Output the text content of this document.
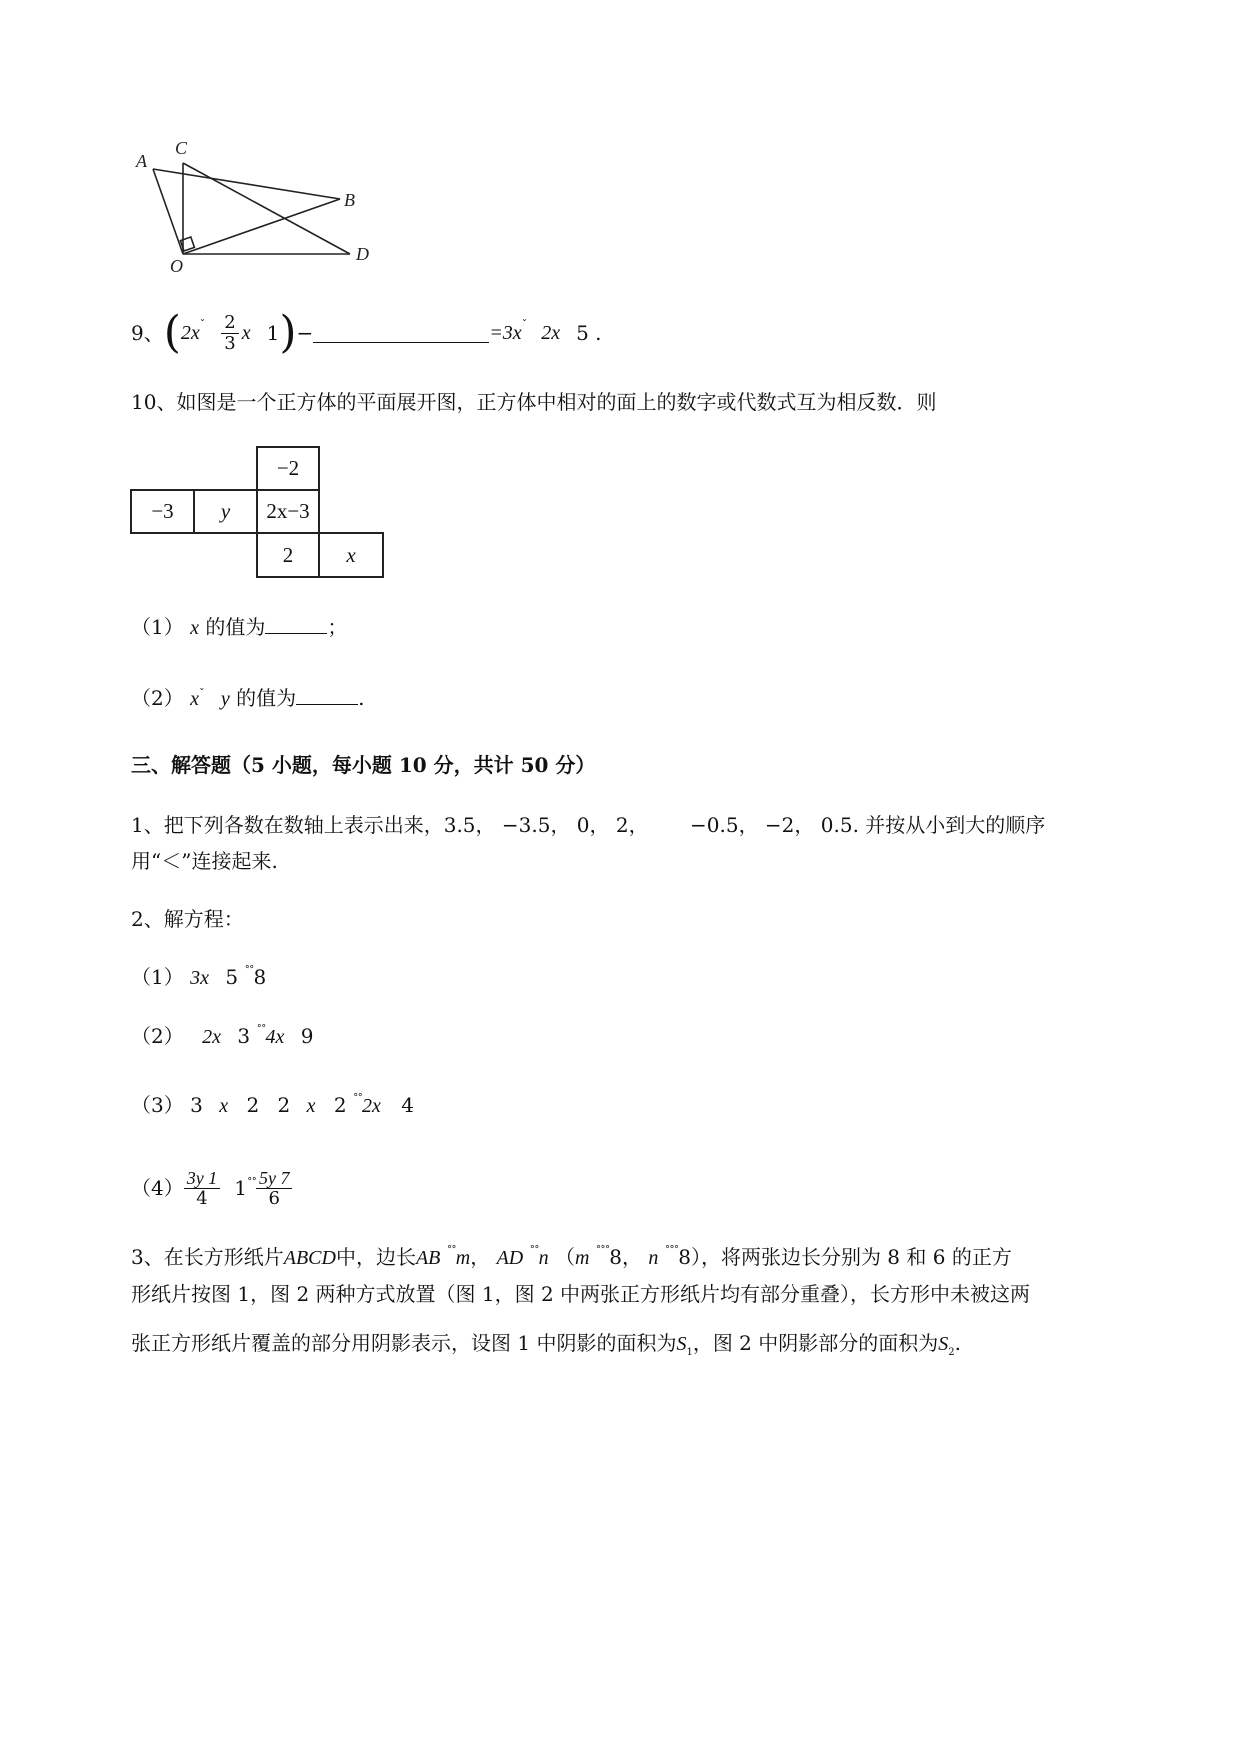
A
C
B
O
D
9、 ( 2x ˇ $\frac{2}{3}$ x 1 ) −	=3x ˇ 2x 5 .
10、如图是一个正方体的平面展开图，正方体中相对的面上的数字或代数式互为相反数．则
−2
−3	y	2x−3
2	x
（1） x 的值为	；
（2） $x^ˇ$ y 的值为	.
三、解答题（5 小题，每小题 10 分，共计 50 分）
1、把下列各数在数轴上表示出来，3.5， −3.5， 0， 2， −0.5， −2， 0.5. 并按从小到大的顺序
用“＜”连接起来.
2、解方程：
（1） 3x 5 ˚˚8
（2） 2x 3 ˚˚4x 9
（3） 3 x 2 2 x 2 ˚˚2x 4
$(4) \frac{3y 1}{4} 1$ ˚˚ $\frac{5y 7}{6}$
3、在长方形纸片ABCD中，边长AB ˚˚m， AD ˚˚n （m ˚˚˚8， n ˚˚˚8），将两张边长分别为 8 和 6 的正方
形纸片按图 1，图 2 两种方式放置（图 1，图 2 中两张正方形纸片均有部分重叠），长方形中未被这两
张正方形纸片覆盖的部分用阴影表示，设图 1 中阴影的面积为$S_1$，图 2 中阴影部分的面积为$S_2$.
